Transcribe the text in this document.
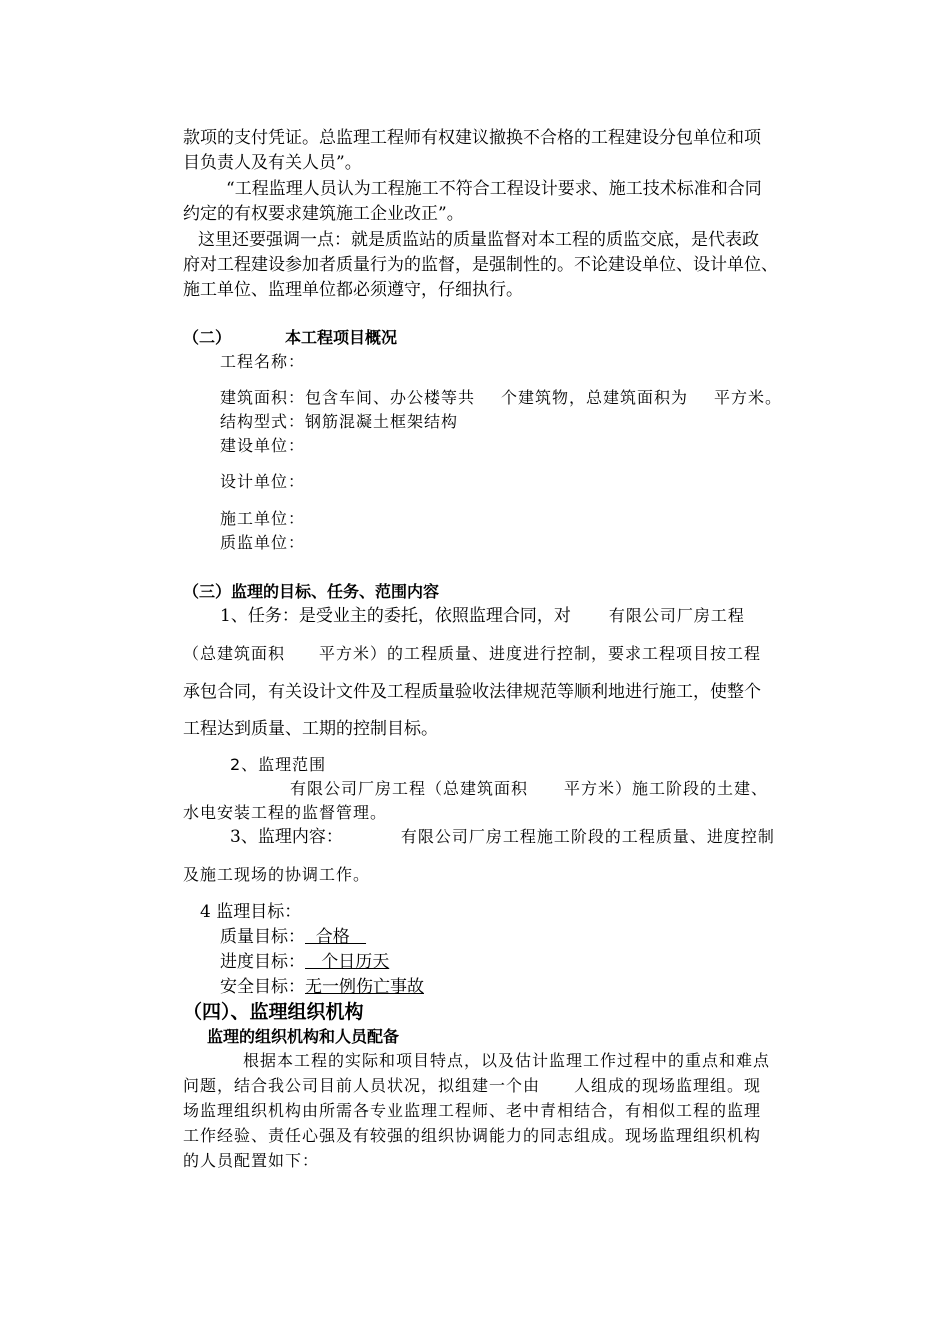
款项的支付凭证。总监理工程师有权建议撤换不合格的工程建设分包单位和项
目负责人及有关人员”。
“工程监理人员认为工程施工不符合工程设计要求、施工技术标准和合同
约定的有权要求建筑施工企业改正”。
这里还要强调一点：就是质监站的质量监督对本工程的质监交底，是代表政
府对工程建设参加者质量行为的监督，是强制性的。不论建设单位、设计单位、
施工单位、监理单位都必须遵守，仔细执行。
（二）	本工程项目概况
工程名称：
建筑面积：包含车间、办公楼等共 个建筑物，总建筑面积为 平方米。
结构型式：钢筋混凝土框架结构
建设单位：
设计单位：
施工单位：
质监单位：
（三）监理的目标、任务、范围内容
1、任务：是受业主的委托，依照监理合同，对 有限公司厂房工程
（总建筑面积 平方米）的工程质量、进度进行控制，要求工程项目按工程
承包合同，有关设计文件及工程质量验收法律规范等顺利地进行施工，使整个
工程达到质量、工期的控制目标。
2、监理范围
有限公司厂房工程（总建筑面积 平方米）施工阶段的土建、
水电安装工程的监督管理。
3、监理内容：	有限公司厂房工程施工阶段的工程质量、进度控制
及施工现场的协调工作。
4 监理目标：
质量目标：  合格
进度目标：   个日历天
安全目标：无一例伤亡事故
（四）、监理组织机构
监理的组织机构和人员配备
根据本工程的实际和项目特点，以及估计监理工作过程中的重点和难点
问题，结合我公司目前人员状况，拟组建一个由 人组成的现场监理组。现
场监理组织机构由所需各专业监理工程师、老中青相结合，有相似工程的监理
工作经验、责任心强及有较强的组织协调能力的同志组成。现场监理组织机构
的人员配置如下：
